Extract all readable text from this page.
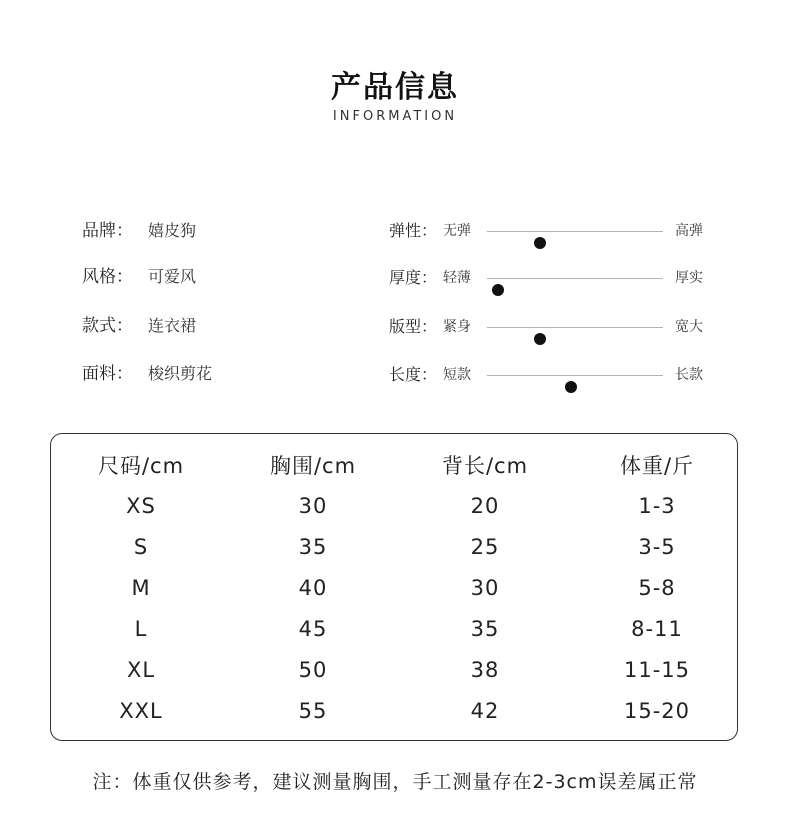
产品信息
INFORMATION
品牌： 嬉皮狗
风格： 可爱风
款式： 连衣裙
面料： 梭织剪花
弹性： 无弹	高弹
厚度： 轻薄	厚实
版型： 紧身	宽大
长度： 短款	长款
尺码/cm	胸围/cm	背长/cm	体重/斤
XS	30	20	1-3
S	35	25	3-5
M	40	30	5-8
L	45	35	8-11
XL	50	38	11-15
XXL	55	42	15-20
注：体重仅供参考，建议测量胸围，手工测量存在2-3cm误差属正常
